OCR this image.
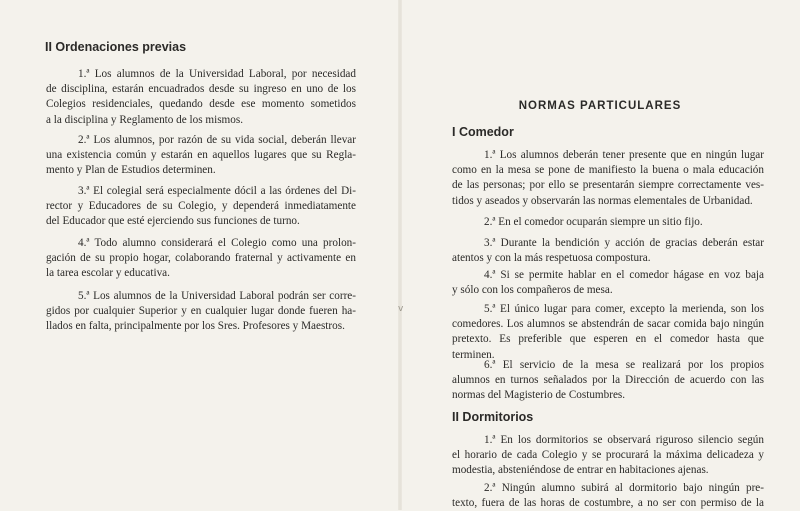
II Ordenaciones previas
1.ª Los alumnos de la Universidad Laboral, por necesidad
de disciplina, estarán encuadrados desde su ingreso en uno de los
Colegios residenciales, quedando desde ese momento sometidos
a la disciplina y Reglamento de los mismos.
2.ª Los alumnos, por razón de su vida social, deberán llevar
una existencia común y estarán en aquellos lugares que su Regla-
mento y Plan de Estudios determinen.
3.ª El colegial será especialmente dócil a las órdenes del Di-
rector y Educadores de su Colegio, y dependerá inmediatamente
del Educador que esté ejerciendo sus funciones de turno.
4.ª Todo alumno considerará el Colegio como una prolon-
gación de su propio hogar, colaborando fraternal y activamente en
la tarea escolar y educativa.
5.ª Los alumnos de la Universidad Laboral podrán ser corre-
gidos por cualquier Superior y en cualquier lugar donde fueren ha-
llados en falta, principalmente por los Sres. Profesores y Maestros.
v
NORMAS PARTICULARES
I Comedor
1.ª Los alumnos deberán tener presente que en ningún lugar
como en la mesa se pone de manifiesto la buena o mala educación
de las personas; por ello se presentarán siempre correctamente ves-
tidos y aseados y observarán las normas elementales de Urbanidad.
2.ª En el comedor ocuparán siempre un sitio fijo.
3.ª Durante la bendición y acción de gracias deberán estar
atentos y con la más respetuosa compostura.
4.ª Si se permite hablar en el comedor hágase en voz baja
y sólo con los compañeros de mesa.
5.ª El único lugar para comer, excepto la merienda, son los
comedores. Los alumnos se abstendrán de sacar comida bajo ningún
pretexto. Es preferible que esperen en el comedor hasta que
terminen.
6.ª El servicio de la mesa se realizará por los propios
alumnos en turnos señalados por la Dirección de acuerdo con las
normas del Magisterio de Costumbres.
II Dormitorios
1.ª En los dormitorios se observará riguroso silencio según
el horario de cada Colegio y se procurará la máxima delicadeza y
modestia, absteniéndose de entrar en habitaciones ajenas.
2.ª Ningún alumno subirá al dormitorio bajo ningún pre-
texto, fuera de las horas de costumbre, a no ser con permiso de la
